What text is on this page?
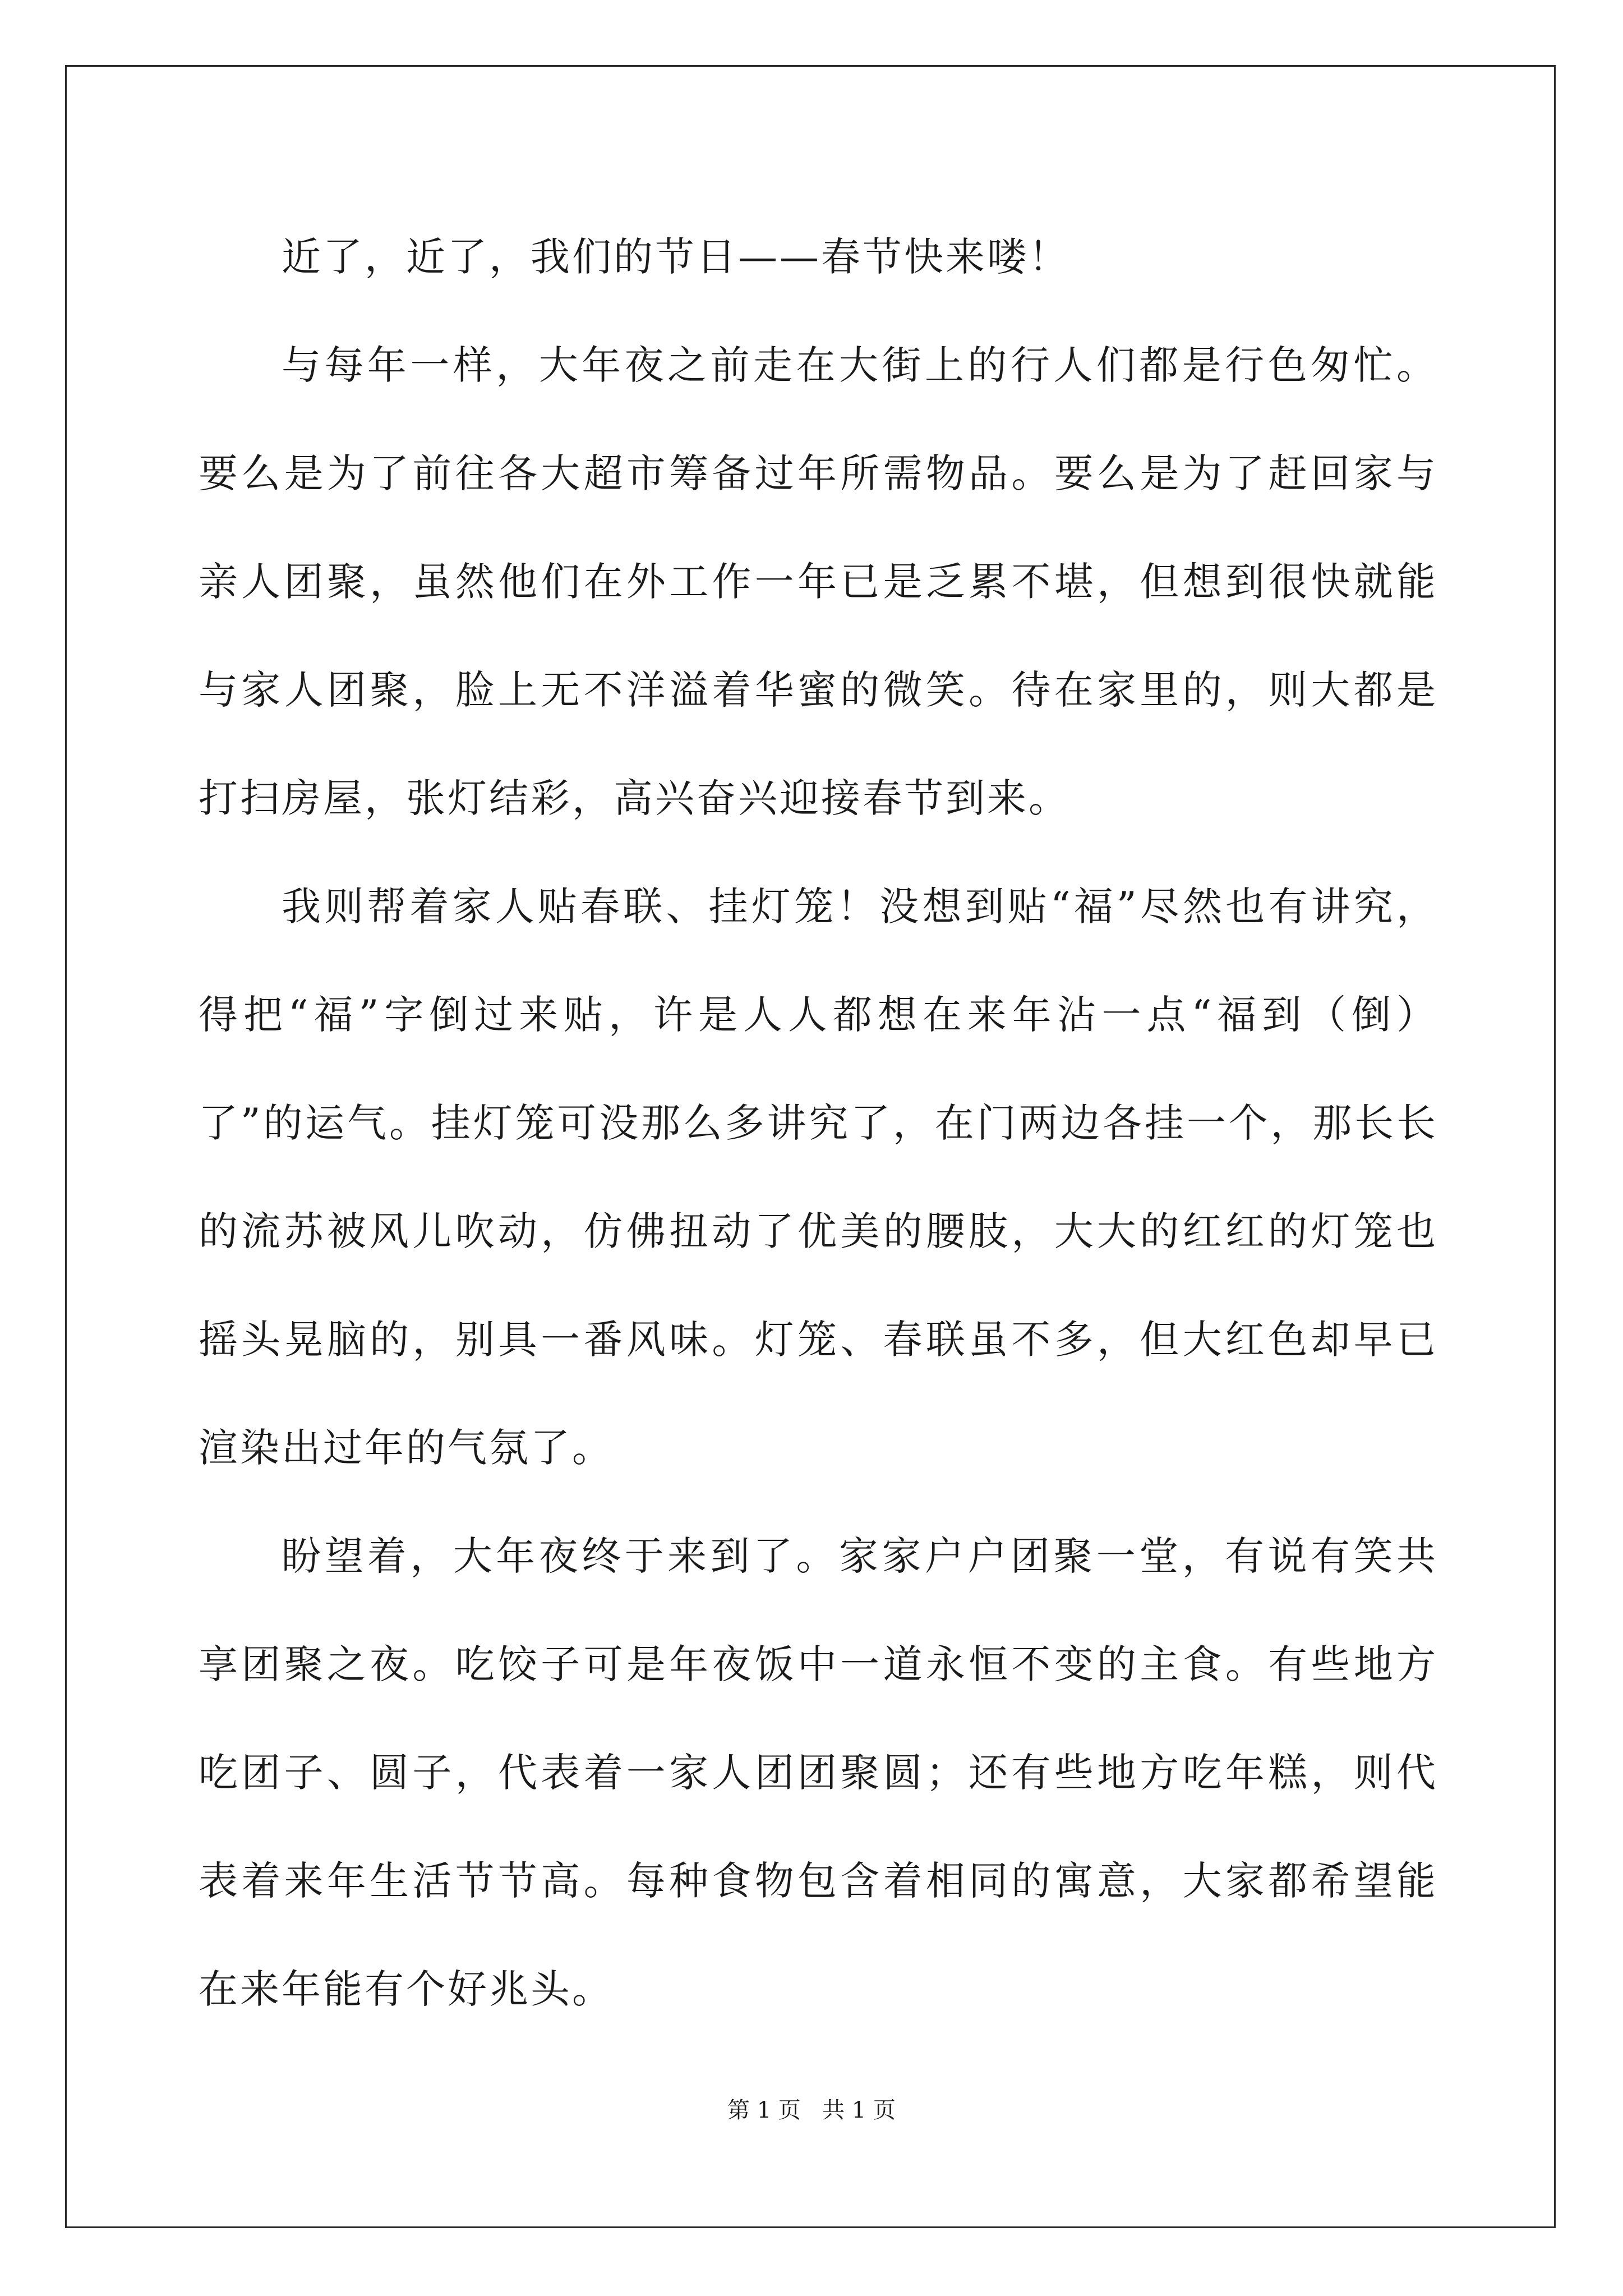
近了，近了，我们的节日——春节快来喽！

与每年一样，大年夜之前走在大街上的行人们都是行色匆忙。要么是为了前往各大超市筹备过年所需物品。要么是为了赶回家与亲人团聚，虽然他们在外工作一年已是乏累不堪，但想到很快就能与家人团聚，脸上无不洋溢着华蜜的微笑。待在家里的，则大都是打扫房屋，张灯结彩，高兴奋兴迎接春节到来。

我则帮着家人贴春联、挂灯笼！没想到贴“福”尽然也有讲究，得把“福”字倒过来贴，许是人人都想在来年沾一点“福到（倒）了”的运气。挂灯笼可没那么多讲究了，在门两边各挂一个，那长长的流苏被风儿吹动，仿佛扭动了优美的腰肢，大大的红红的灯笼也摇头晃脑的，别具一番风味。灯笼、春联虽不多，但大红色却早已渲染出过年的气氛了。

盼望着，大年夜终于来到了。家家户户团聚一堂，有说有笑共享团聚之夜。吃饺子可是年夜饭中一道永恒不变的主食。有些地方吃团子、圆子，代表着一家人团团聚圆；还有些地方吃年糕，则代表着来年生活节节高。每种食物包含着相同的寓意，大家都希望能在来年能有个好兆头。

第 1 页   共 1 页
